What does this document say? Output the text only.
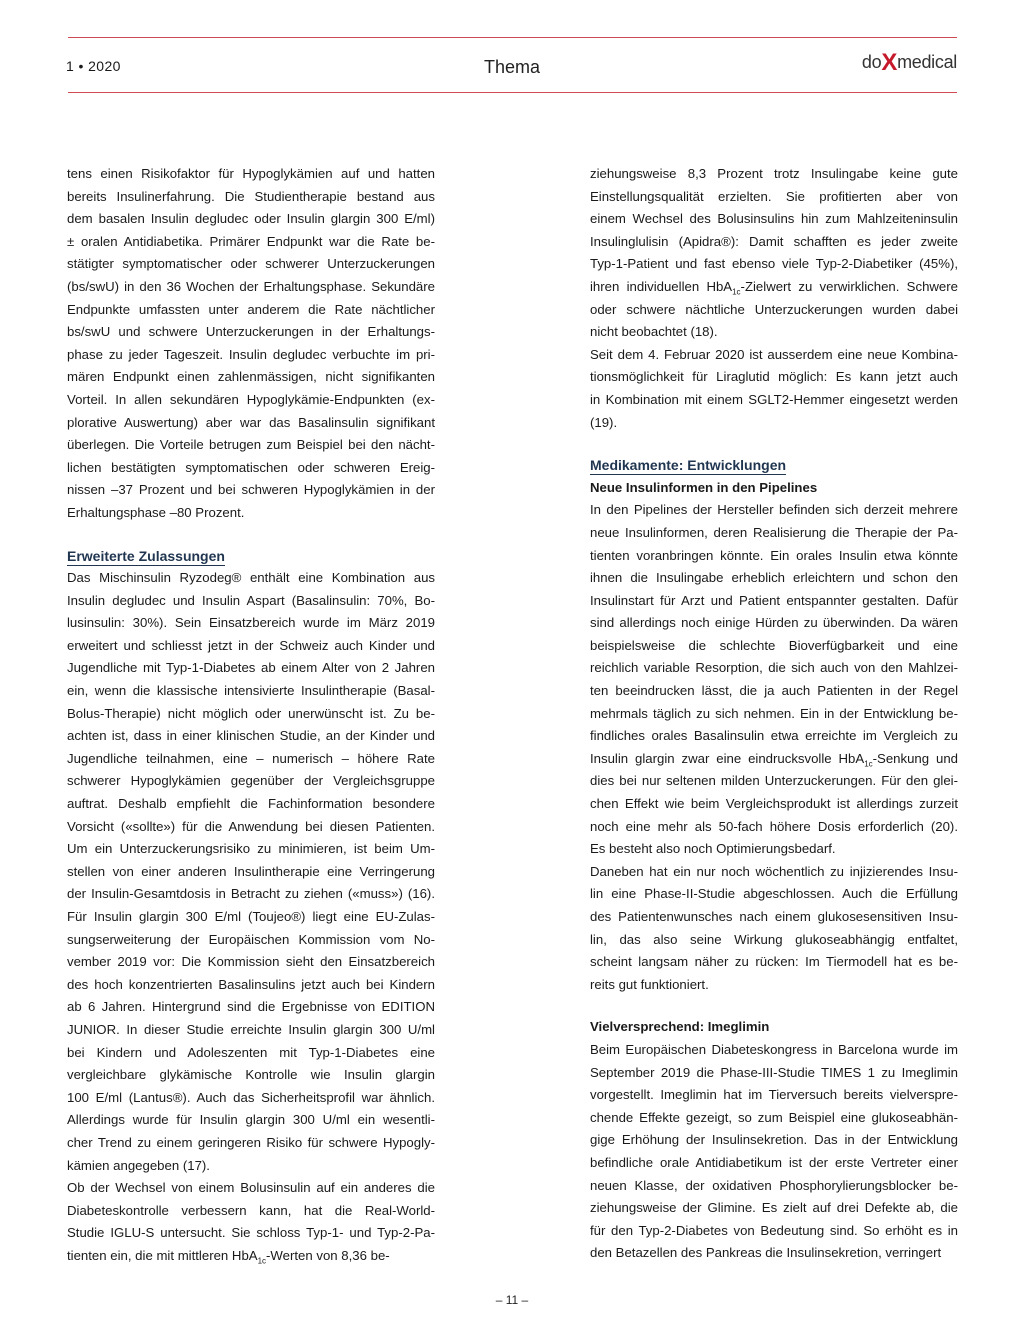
1 • 2020	Thema	doXmedical
tens einen Risikofaktor für Hypoglykämien auf und hatten
bereits Insulinerfahrung. Die Studientherapie bestand aus
dem basalen Insulin degludec oder Insulin glargin 300 E/ml)
± oralen Antidiabetika. Primärer Endpunkt war die Rate be-
stätigter symptomatischer oder schwerer Unterzuckerungen
(bs/swU) in den 36 Wochen der Erhaltungsphase. Sekundäre
Endpunkte umfassten unter anderem die Rate nächtlicher
bs/swU und schwere Unterzuckerungen in der Erhaltungs-
phase zu jeder Tageszeit. Insulin degludec verbuchte im pri-
mären Endpunkt einen zahlenmässigen, nicht signifikanten
Vorteil. In allen sekundären Hypoglykämie-Endpunkten (ex-
plorative Auswertung) aber war das Basalinsulin signifikant
überlegen. Die Vorteile betrugen zum Beispiel bei den nächt-
lichen bestätigten symptomatischen oder schweren Ereig-
nissen –37 Prozent und bei schweren Hypoglykämien in der
Erhaltungsphase –80 Prozent.
Erweiterte Zulassungen
Das Mischinsulin Ryzodeg® enthält eine Kombination aus
Insulin degludec und Insulin Aspart (Basalinsulin: 70%, Bo-
lusinsulin: 30%). Sein Einsatzbereich wurde im März 2019
erweitert und schliesst jetzt in der Schweiz auch Kinder und
Jugendliche mit Typ-1-Diabetes ab einem Alter von 2 Jahren
ein, wenn die klassische intensivierte Insulintherapie (Basal-
Bolus-Therapie) nicht möglich oder unerwünscht ist. Zu be-
achten ist, dass in einer klinischen Studie, an der Kinder und
Jugendliche teilnahmen, eine – numerisch – höhere Rate
schwerer Hypoglykämien gegenüber der Vergleichsgruppe
auftrat. Deshalb empfiehlt die Fachinformation besondere
Vorsicht («sollte») für die Anwendung bei diesen Patienten.
Um ein Unterzuckerungsrisiko zu minimieren, ist beim Um-
stellen von einer anderen Insulintherapie eine Verringerung
der Insulin-Gesamtdosis in Betracht zu ziehen («muss») (16).
Für Insulin glargin 300 E/ml (Toujeo®) liegt eine EU-Zulas-
sungserweiterung der Europäischen Kommission vom No-
vember 2019 vor: Die Kommission sieht den Einsatzbereich
des hoch konzentrierten Basalinsulins jetzt auch bei Kindern
ab 6 Jahren. Hintergrund sind die Ergebnisse von EDITION
JUNIOR. In dieser Studie erreichte Insulin glargin 300 U/ml
bei Kindern und Adoleszenten mit Typ-1-Diabetes eine
vergleichbare glykämische Kontrolle wie Insulin glargin
100 E/ml (Lantus®). Auch das Sicherheitsprofil war ähnlich.
Allerdings wurde für Insulin glargin 300 U/ml ein wesentli-
cher Trend zu einem geringeren Risiko für schwere Hypogly-
kämien angegeben (17).
Ob der Wechsel von einem Bolusinsulin auf ein anderes die
Diabeteskontrolle verbessern kann, hat die Real-World-
Studie IGLU-S untersucht. Sie schloss Typ-1- und Typ-2-Pa-
tienten ein, die mit mittleren HbA$_{1c}$-Werten von 8,36 be-
ziehungsweise 8,3 Prozent trotz Insulingabe keine gute
Einstellungsqualität erzielten. Sie profitierten aber von
einem Wechsel des Bolusinsulins hin zum Mahlzeiteninsulin
Insulinglulisin (Apidra®): Damit schafften es jeder zweite
Typ-1-Patient und fast ebenso viele Typ-2-Diabetiker (45%),
ihren individuellen HbA$_{1c}$-Zielwert zu verwirklichen. Schwere
oder schwere nächtliche Unterzuckerungen wurden dabei
nicht beobachtet (18).
Seit dem 4. Februar 2020 ist ausserdem eine neue Kombina-
tionsmöglichkeit für Liraglutid möglich: Es kann jetzt auch
in Kombination mit einem SGLT2-Hemmer eingesetzt werden
(19).
Medikamente: Entwicklungen
Neue Insulinformen in den Pipelines
In den Pipelines der Hersteller befinden sich derzeit mehrere
neue Insulinformen, deren Realisierung die Therapie der Pa-
tienten voranbringen könnte. Ein orales Insulin etwa könnte
ihnen die Insulingabe erheblich erleichtern und schon den
Insulinstart für Arzt und Patient entspannter gestalten. Dafür
sind allerdings noch einige Hürden zu überwinden. Da wären
beispielsweise die schlechte Bioverfügbarkeit und eine
reichlich variable Resorption, die sich auch von den Mahlzei-
ten beeindrucken lässt, die ja auch Patienten in der Regel
mehrmals täglich zu sich nehmen. Ein in der Entwicklung be-
findliches orales Basalinsulin etwa erreichte im Vergleich zu
Insulin glargin zwar eine eindrucksvolle HbA$_{1c}$-Senkung und
dies bei nur seltenen milden Unterzuckerungen. Für den glei-
chen Effekt wie beim Vergleichsprodukt ist allerdings zurzeit
noch eine mehr als 50-fach höhere Dosis erforderlich (20).
Es besteht also noch Optimierungsbedarf.
Daneben hat ein nur noch wöchentlich zu injizierendes Insu-
lin eine Phase-II-Studie abgeschlossen. Auch die Erfüllung
des Patientenwunsches nach einem glukosesensitiven Insu-
lin, das also seine Wirkung glukoseabhängig entfaltet,
scheint langsam näher zu rücken: Im Tiermodell hat es be-
reits gut funktioniert.
Vielversprechend: Imeglimin
Beim Europäischen Diabeteskongress in Barcelona wurde im
September 2019 die Phase-III-Studie TIMES 1 zu Imeglimin
vorgestellt. Imeglimin hat im Tierversuch bereits vielverspre-
chende Effekte gezeigt, so zum Beispiel eine glukoseabhän-
gige Erhöhung der Insulinsekretion. Das in der Entwicklung
befindliche orale Antidiabetikum ist der erste Vertreter einer
neuen Klasse, der oxidativen Phosphorylierungsblocker be-
ziehungsweise der Glimine. Es zielt auf drei Defekte ab, die
für den Typ-2-Diabetes von Bedeutung sind. So erhöht es in
den Betazellen des Pankreas die Insulinsekretion, verringert
– 11 –
